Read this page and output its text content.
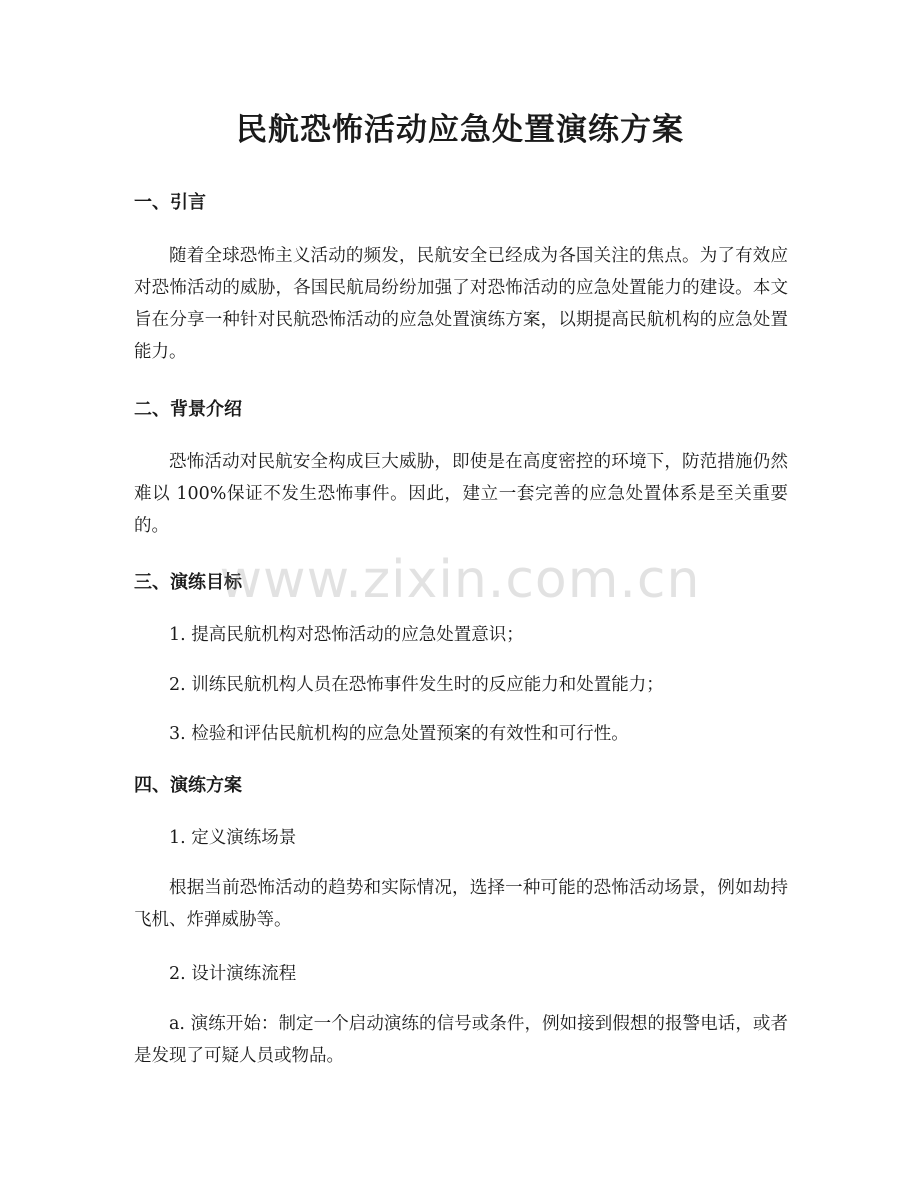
民航恐怖活动应急处置演练方案
一、引言

随着全球恐怖主义活动的频发，民航安全已经成为各国关注的焦点。为了有效应对恐怖活动的威胁，各国民航局纷纷加强了对恐怖活动的应急处置能力的建设。本文旨在分享一种针对民航恐怖活动的应急处置演练方案，以期提高民航机构的应急处置能力。

二、背景介绍

恐怖活动对民航安全构成巨大威胁，即使是在高度密控的环境下，防范措施仍然难以 100%保证不发生恐怖事件。因此，建立一套完善的应急处置体系是至关重要的。

三、演练目标

1. 提高民航机构对恐怖活动的应急处置意识；

2. 训练民航机构人员在恐怖事件发生时的反应能力和处置能力；

3. 检验和评估民航机构的应急处置预案的有效性和可行性。

四、演练方案

1. 定义演练场景

根据当前恐怖活动的趋势和实际情况，选择一种可能的恐怖活动场景，例如劫持飞机、炸弹威胁等。

2. 设计演练流程

a. 演练开始：制定一个启动演练的信号或条件，例如接到假想的报警电话，或者是发现了可疑人员或物品。

www.zixin.com.cn
